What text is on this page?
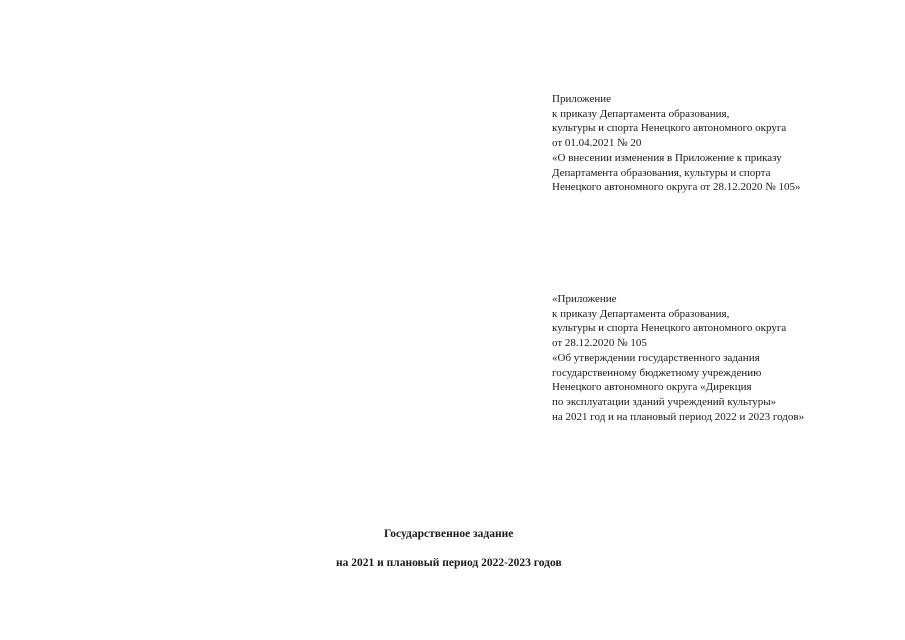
Приложение
к приказу Департамента образования,
культуры и спорта Ненецкого автономного округа
от 01.04.2021 № 20
«О внесении изменения в Приложение к приказу
Департамента образования, культуры и спорта
Ненецкого автономного округа от 28.12.2020 № 105»
«Приложение
к приказу Департамента образования,
культуры и спорта Ненецкого автономного округа
от 28.12.2020 № 105
«Об утверждении государственного задания
государственному бюджетному учреждению
Ненецкого автономного округа «Дирекция
по эксплуатации зданий учреждений культуры»
на 2021 год и на плановый период 2022 и 2023 годов»
Государственное задание
на 2021 и плановый период 2022-2023 годов
